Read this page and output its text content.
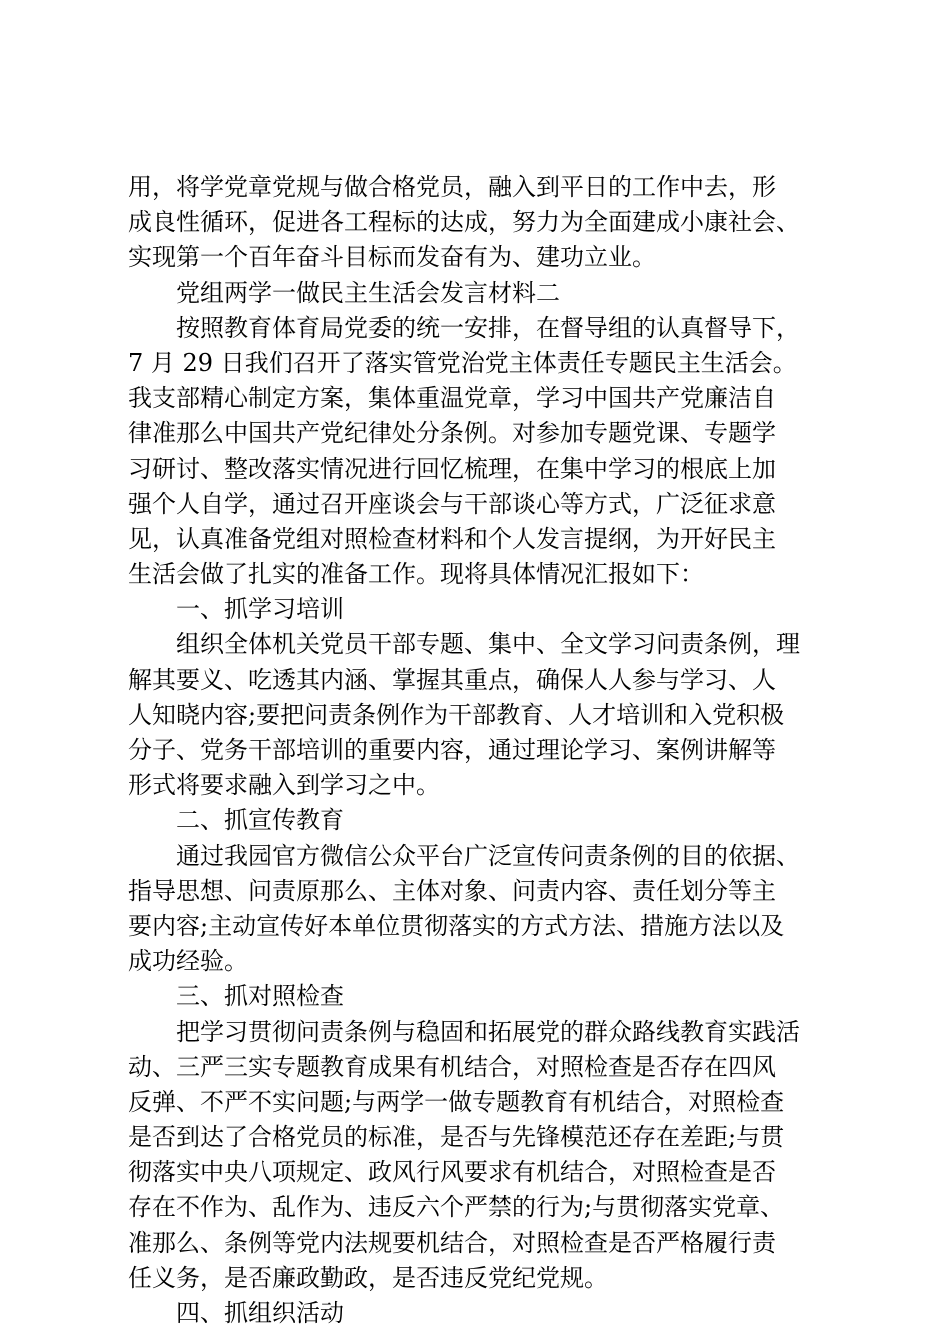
用，将学党章党规与做合格党员，融入到平日的工作中去，形
成良性循环，促进各工程标的达成，努力为全面建成小康社会、
实现第一个百年奋斗目标而发奋有为、建功立业。
党组两学一做民主生活会发言材料二
按照教育体育局党委的统一安排，在督导组的认真督导下，
7 月 29 日我们召开了落实管党治党主体责任专题民主生活会。
我支部精心制定方案，集体重温党章，学习中国共产党廉洁自
律准那么中国共产党纪律处分条例。对参加专题党课、专题学
习研讨、整改落实情况进行回忆梳理，在集中学习的根底上加
强个人自学，通过召开座谈会与干部谈心等方式，广泛征求意
见，认真准备党组对照检查材料和个人发言提纲，为开好民主
生活会做了扎实的准备工作。现将具体情况汇报如下：
一、抓学习培训
组织全体机关党员干部专题、集中、全文学习问责条例，理
解其要义、吃透其内涵、掌握其重点，确保人人参与学习、人
人知晓内容;要把问责条例作为干部教育、人才培训和入党积极
分子、党务干部培训的重要内容，通过理论学习、案例讲解等
形式将要求融入到学习之中。
二、抓宣传教育
通过我园官方微信公众平台广泛宣传问责条例的目的依据、
指导思想、问责原那么、主体对象、问责内容、责任划分等主
要内容;主动宣传好本单位贯彻落实的方式方法、措施方法以及
成功经验。
三、抓对照检查
把学习贯彻问责条例与稳固和拓展党的群众路线教育实践活
动、三严三实专题教育成果有机结合，对照检查是否存在四风
反弹、不严不实问题;与两学一做专题教育有机结合，对照检查
是否到达了合格党员的标准，是否与先锋模范还存在差距;与贯
彻落实中央八项规定、政风行风要求有机结合，对照检查是否
存在不作为、乱作为、违反六个严禁的行为;与贯彻落实党章、
准那么、条例等党内法规要机结合，对照检查是否严格履行责
任义务，是否廉政勤政，是否违反党纪党规。
四、抓组织活动
